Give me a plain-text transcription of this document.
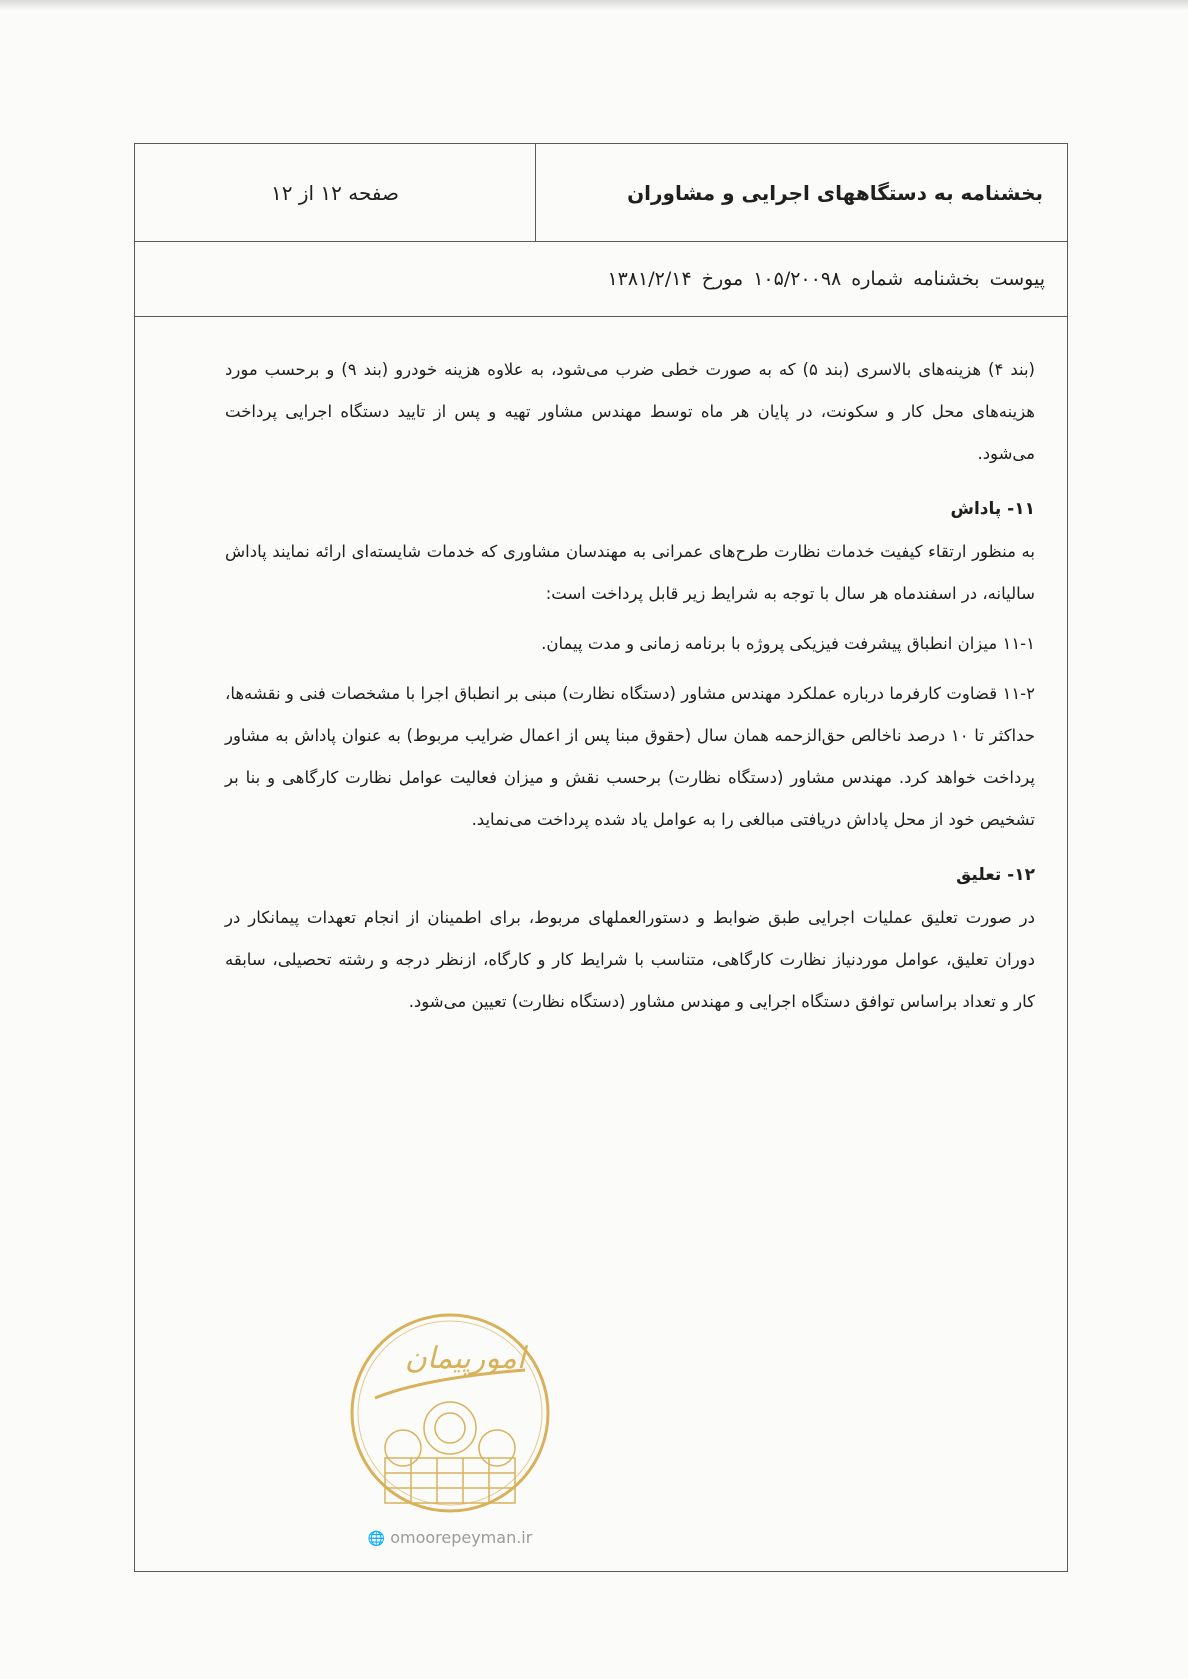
صفحه ۱۲ از ۱۲	بخشنامه به دستگاههای اجرایی و مشاوران
پیوست بخشنامه شماره ۱۰۵/۲۰۰۹۸ مورخ ۱۳۸۱/۲/۱۴

(بند ۴) هزینه‌های بالاسری (بند ۵) که به صورت خطی ضرب می‌شود، به علاوه هزینه خودرو (بند ۹) و برحسب مورد هزینه‌های محل کار و سکونت، در پایان هر ماه توسط مهندس مشاور تهیه و پس از تایید دستگاه اجرایی پرداخت می‌شود.

۱۱- پاداش

به منظور ارتقاء کیفیت خدمات نظارت طرح‌های عمرانی به مهندسان مشاوری که خدمات شایسته‌ای ارائه نمایند پاداش سالیانه، در اسفندماه هر سال با توجه به شرایط زیر قابل پرداخت است:

۱۱-۱ میزان انطباق پیشرفت فیزیکی پروژه با برنامه زمانی و مدت پیمان.

۱۱-۲ قضاوت کارفرما درباره عملکرد مهندس مشاور (دستگاه نظارت) مبنی بر انطباق اجرا با مشخصات فنی و نقشه‌ها، حداکثر تا ۱۰ درصد ناخالص حق‌الزحمه همان سال (حقوق مبنا پس از اعمال ضرایب مربوط) به عنوان پاداش به مشاور پرداخت خواهد کرد. مهندس مشاور (دستگاه نظارت) برحسب نقش و میزان فعالیت عوامل نظارت کارگاهی و بنا بر تشخیص خود از محل پاداش دریافتی مبالغی را به عوامل یاد شده پرداخت می‌نماید.

۱۲- تعلیق

در صورت تعلیق عملیات اجرایی طبق ضوابط و دستورالعملهای مربوط، برای اطمینان از انجام تعهدات پیمانکار در دوران تعلیق، عوامل موردنیاز نظارت کارگاهی، متناسب با شرایط کار و کارگاه، ازنظر درجه و رشته تحصیلی، سابقه کار و تعداد براساس توافق دستگاه اجرایی و مهندس مشاور (دستگاه نظارت) تعیین می‌شود.

امورپیمان
🌐 omoorepeyman.ir
